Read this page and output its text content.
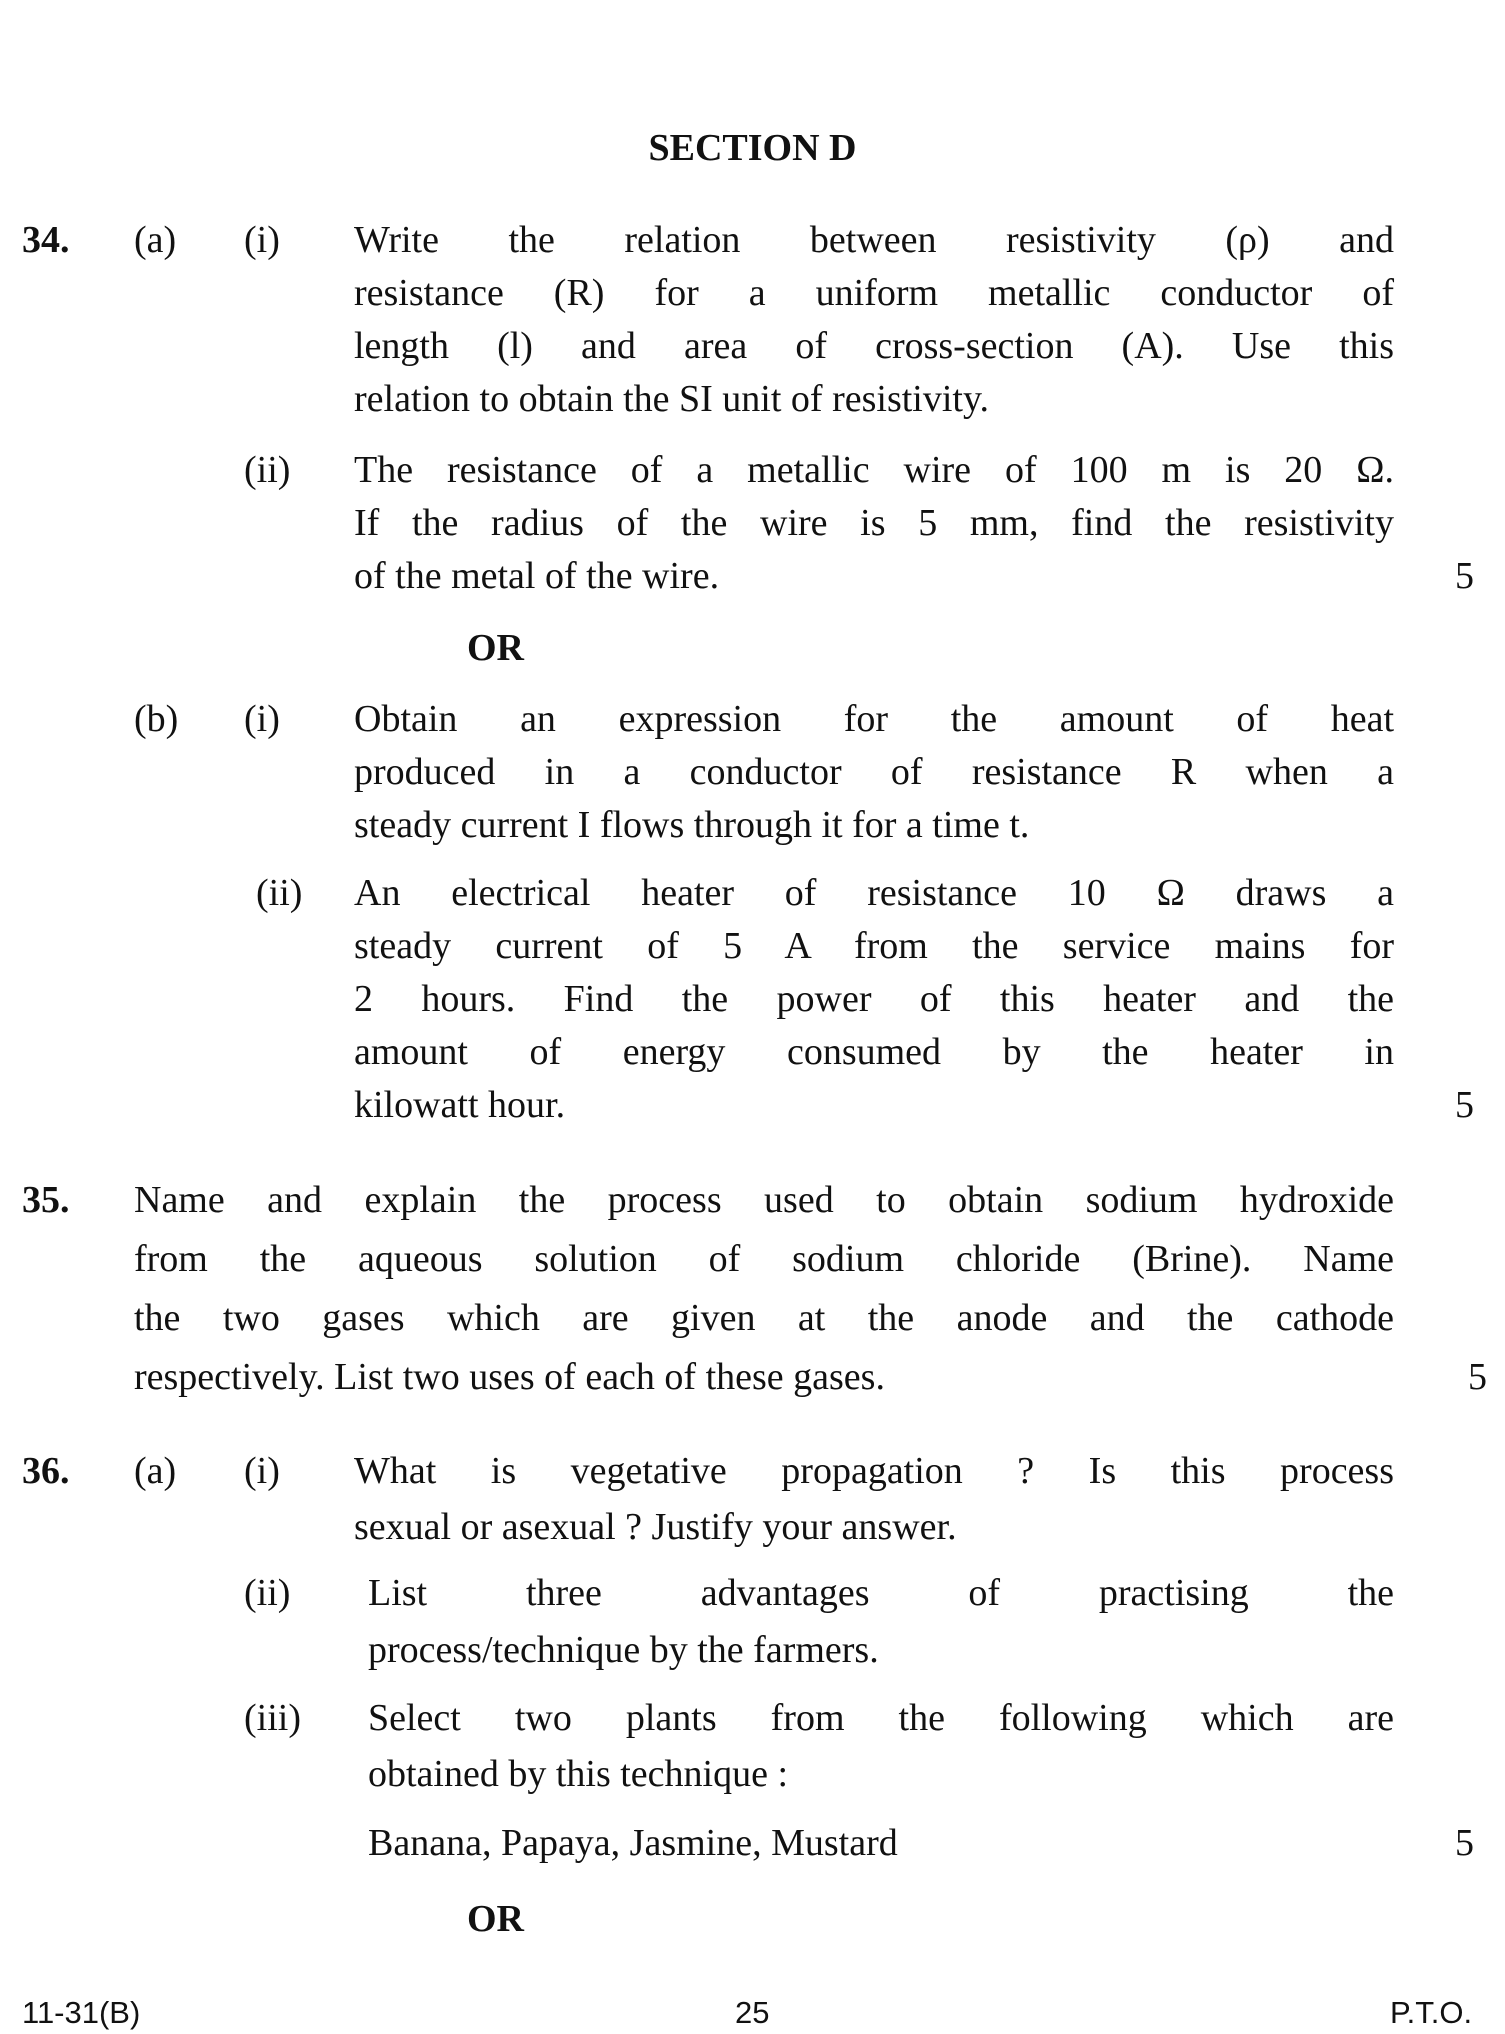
SECTION D
34. (a) (i) Write the relation between resistivity (ρ) and
resistance (R) for a uniform metallic conductor of
length (l) and area of cross-section (A). Use this
relation to obtain the SI unit of resistivity.
(ii) The resistance of a metallic wire of 100 m is 20 Ω.
If the radius of the wire is 5 mm, find the resistivity
of the metal of the wire.	5
OR
(b) (i) Obtain an expression for the amount of heat
produced in a conductor of resistance R when a
steady current I flows through it for a time t.
(ii) An electrical heater of resistance 10 Ω draws a
steady current of 5 A from the service mains for
2 hours. Find the power of this heater and the
amount of energy consumed by the heater in
kilowatt hour.	5
35. Name and explain the process used to obtain sodium hydroxide
from the aqueous solution of sodium chloride (Brine). Name
the two gases which are given at the anode and the cathode
respectively. List two uses of each of these gases.	5
36. (a) (i) What is vegetative propagation ? Is this process
sexual or asexual ? Justify your answer.
(ii) List three advantages of practising the
process/technique by the farmers.
(iii) Select two plants from the following which are
obtained by this technique :
Banana, Papaya, Jasmine, Mustard	5
OR
11-31(B)	25	P.T.O.
